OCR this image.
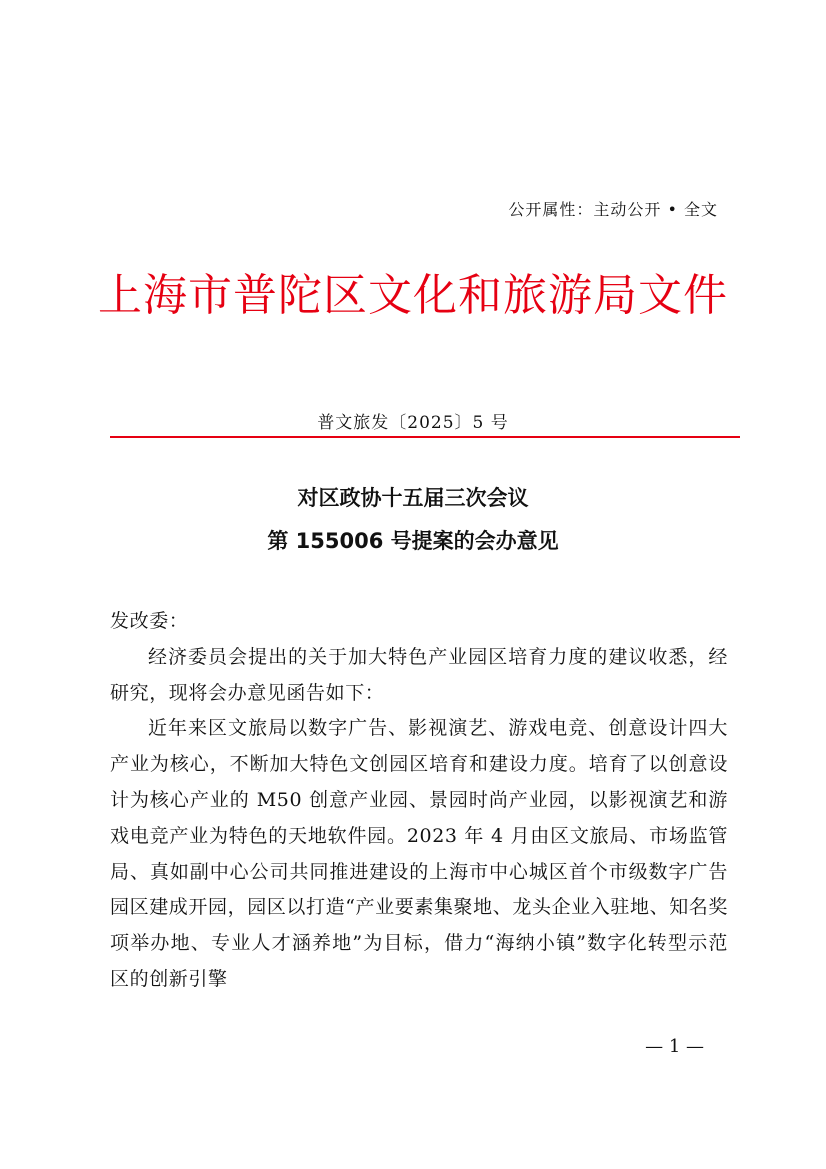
公开属性：主动公开 • 全文
上海市普陀区文化和旅游局文件
普文旅发〔2025〕5 号
对区政协十五届三次会议
第 155006 号提案的会办意见

发改委：

经济委员会提出的关于加大特色产业园区培育力度的建议收悉，经研究，现将会办意见函告如下：

近年来区文旅局以数字广告、影视演艺、游戏电竞、创意设计四大产业为核心，不断加大特色文创园区培育和建设力度。培育了以创意设计为核心产业的 M50 创意产业园、景园时尚产业园，以影视演艺和游戏电竞产业为特色的天地软件园。2023 年 4 月由区文旅局、市场监管局、真如副中心公司共同推进建设的上海市中心城区首个市级数字广告园区建成开园，园区以打造“产业要素集聚地、龙头企业入驻地、知名奖项举办地、专业人才涵养地”为目标，借力“海纳小镇”数字化转型示范区的创新引擎

— 1 —
